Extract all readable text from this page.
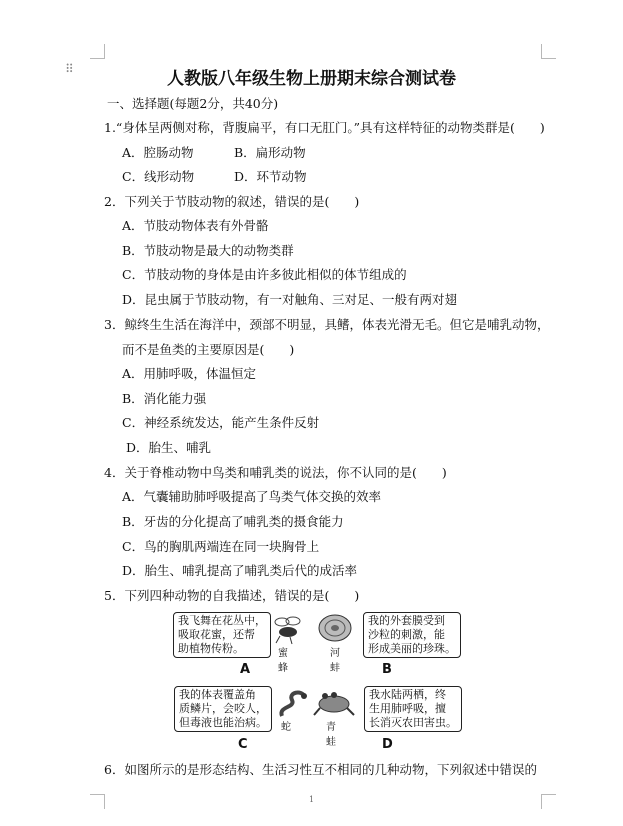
⠿	人教版八年级生物上册期末综合测试卷
一、选择题(每题2分，共40分)
1.“身体呈两侧对称，背腹扁平，有口无肛门。”具有这样特征的动物类群是(　　)
A．腔肠动物	B．扁形动物
C．线形动物	D．环节动物
2．下列关于节肢动物的叙述，错误的是(　　)
A．节肢动物体表有外骨骼
B．节肢动物是最大的动物类群
C．节肢动物的身体是由许多彼此相似的体节组成的
D．昆虫属于节肢动物，有一对触角、三对足、一般有两对翅
3．鲸终生生活在海洋中，颈部不明显，具鳍，体表光滑无毛。但它是哺乳动物，
而不是鱼类的主要原因是(　　)
A．用肺呼吸，体温恒定
B．消化能力强
C．神经系统发达，能产生条件反射
D．胎生、哺乳
4．关于脊椎动物中鸟类和哺乳类的说法，你不认同的是(　　)
A．气囊辅助肺呼吸提高了鸟类气体交换的效率
B．牙齿的分化提高了哺乳类的摄食能力
C．鸟的胸肌两端连在同一块胸骨上
D．胎生、哺乳提高了哺乳类后代的成活率
5．下列四种动物的自我描述，错误的是(　　)
我飞舞在花丛中，
吸取花蜜，还帮
助植物传粉。	蜜蜂
河蚌
A
我的外套膜受到
沙粒的刺激，能
形成美丽的珍珠。
B
我的体表覆盖角
质鳞片，会咬人，
但毒液也能治病。 蛇	青蛙
C
我水陆两栖，终
生用肺呼吸，擅
长消灭农田害虫。
D
6．如图所示的是形态结构、生活习性互不相同的几种动物，下列叙述中错误的
1
